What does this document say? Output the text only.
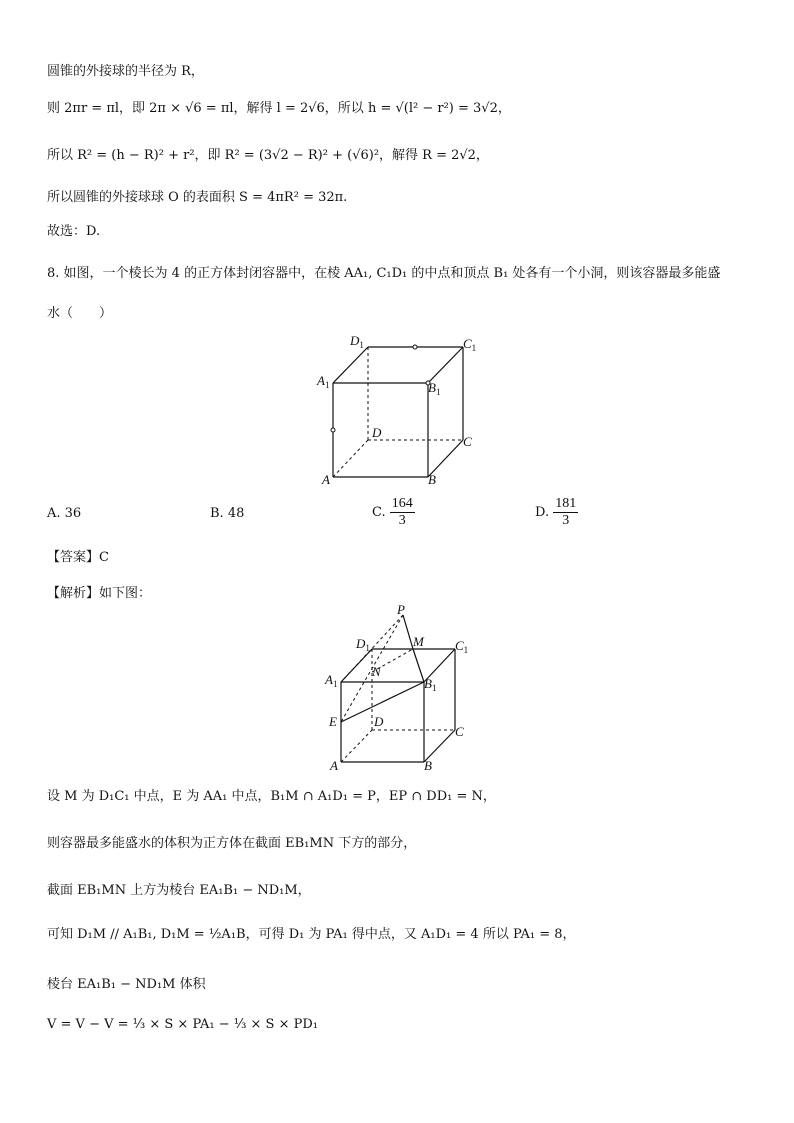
圆锥的外接球的半径为 R，
则 2πr = πl，即 2π × √6 = πl，解得 l = 2√6，所以 h = √(l² − r²) = 3√2，
所以 R² = (h − R)² + r²，即 R² = (3√2 − R)² + (√6)²，解得 R = 2√2，
所以圆锥的外接球球 O 的表面积 S = 4πR² = 32π.
故选：D.
8. 如图，一个棱长为 4 的正方体封闭容器中，在棱 AA₁, C₁D₁ 的中点和顶点 B₁ 处各有一个小洞，则该容器最多能盛
水（　　）
$D_1$	$C_1$
$A_1$	$B_1$
D
C
A	B
A. 36	B. 48	C. $\frac{164}{3}$	D. $\frac{181}{3}$
【答案】C
【解析】如下图：
P
$D_1$	M $C_1$
$A_1$
N
$B_1$
E	D
C
A	B
设 M 为 D₁C₁ 中点，E 为 AA₁ 中点，B₁M ∩ A₁D₁ = P，EP ∩ DD₁ = N，
则容器最多能盛水的体积为正方体在截面 EB₁MN 下方的部分，
截面 EB₁MN 上方为棱台 EA₁B₁ − ND₁M，
可知 D₁M // A₁B₁, D₁M = ½A₁B，可得 D₁ 为 PA₁ 得中点，又 A₁D₁ = 4 所以 PA₁ = 8，
棱台 EA₁B₁ − ND₁M 体积
V = V − V = ⅓ × S × PA₁ − ⅓ × S × PD₁
